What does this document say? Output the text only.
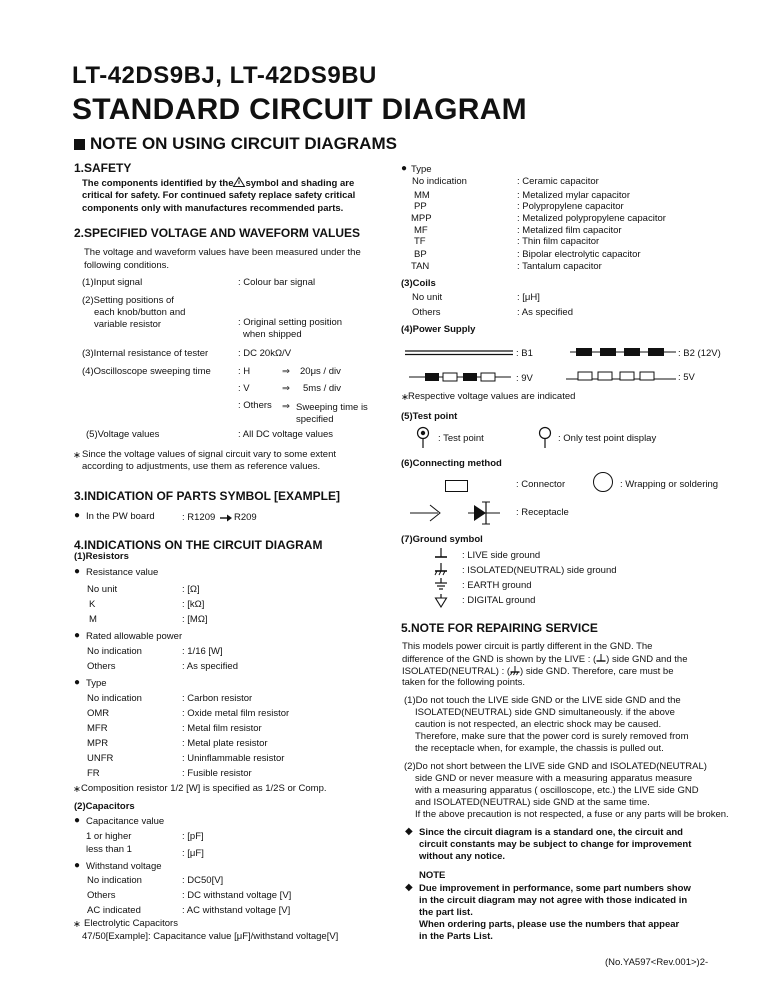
LT-42DS9BJ, LT-42DS9BU
STANDARD CIRCUIT DIAGRAM
NOTE ON USING CIRCUIT DIAGRAMS
1.SAFETY
The components identified by the symbol and shading are
critical for safety. For continued safety replace safety critical
components only with manufactures recommended parts.
2.SPECIFIED VOLTAGE AND WAVEFORM VALUES
The voltage and waveform values have been measured under the
following conditions.
(1)Input signal	: Colour bar signal
(2)Setting positions of
each knob/button and
variable resistor	: Original setting position
when shipped
(3)Internal resistance of tester	: DC 20kΩ/V
(4)Oscilloscope sweeping time	: H	⇒ 20μs / div
: V	⇒ 5ms / div
: Others ⇒ Sweeping time is
specified
(5)Voltage values	: All DC voltage values
∗ Since the voltage values of signal circuit vary to some extent
according to adjustments, use them as reference values.
3.INDICATION OF PARTS SYMBOL [EXAMPLE]
● In the PW board	: R1209 R209
4.INDICATIONS ON THE CIRCUIT DIAGRAM
(1)Resistors
● Resistance value
No unit	: [Ω]
K	: [kΩ]
M	: [MΩ]
● Rated allowable power
No indication	: 1/16 [W]
Others	: As specified
● Type
No indication	: Carbon resistor
OMR	: Oxide metal film resistor
MFR	: Metal film resistor
MPR	: Metal plate resistor
UNFR	: Uninflammable resistor
FR	: Fusible resistor
∗ Composition resistor 1/2 [W] is specified as 1/2S or Comp.
(2)Capacitors
● Capacitance value
1 or higher	: [pF]
less than 1	: [μF]
● Withstand voltage
No indication	: DC50[V]
Others	: DC withstand voltage [V]
AC indicated	: AC withstand voltage [V]
∗ Electrolytic Capacitors
47/50[Example]: Capacitance value [μF]/withstand voltage[V]
● Type
No indication	: Ceramic capacitor
MM	: Metalized mylar capacitor
PP	: Polypropylene capacitor
MPP	: Metalized polypropylene capacitor
MF	: Metalized film capacitor
TF	: Thin film capacitor
BP	: Bipolar electrolytic capacitor
TAN	: Tantalum capacitor
(3)Coils
No unit	: [μH]
Others	: As specified
(4)Power Supply
: B1	: B2 (12V)
: 9V	: 5V
∗ Respective voltage values are indicated
(5)Test point
: Test point	: Only test point display
(6)Connecting method
: Connector	: Wrapping or soldering
: Receptacle
(7)Ground symbol
: LIVE side ground
: ISOLATED(NEUTRAL) side ground
: EARTH ground
: DIGITAL ground
5.NOTE FOR REPAIRING SERVICE
This models power circuit is partly different in the GND. The
difference of the GND is shown by the LIVE : ( ) side GND and the
ISOLATED(NEUTRAL) : ( ) side GND. Therefore, care must be
taken for the following points.
(1)Do not touch the LIVE side GND or the LIVE side GND and the
ISOLATED(NEUTRAL) side GND simultaneously. if the above
caution is not respected, an electric shock may be caused.
Therefore, make sure that the power cord is surely removed from
the receptacle when, for example, the chassis is pulled out.
(2)Do not short between the LIVE side GND and ISOLATED(NEUTRAL)
side GND or never measure with a measuring apparatus measure
with a measuring apparatus ( oscilloscope, etc.) the LIVE side GND
and ISOLATED(NEUTRAL) side GND at the same time.
If the above precaution is not respected, a fuse or any parts will be broken.
◆ Since the circuit diagram is a standard one, the circuit and
circuit constants may be subject to change for improvement
without any notice.
NOTE
◆ Due improvement in performance, some part numbers show
in the circuit diagram may not agree with those indicated in
the part list.
When ordering parts, please use the numbers that appear
in the Parts List.
(No.YA597<Rev.001>)2-
